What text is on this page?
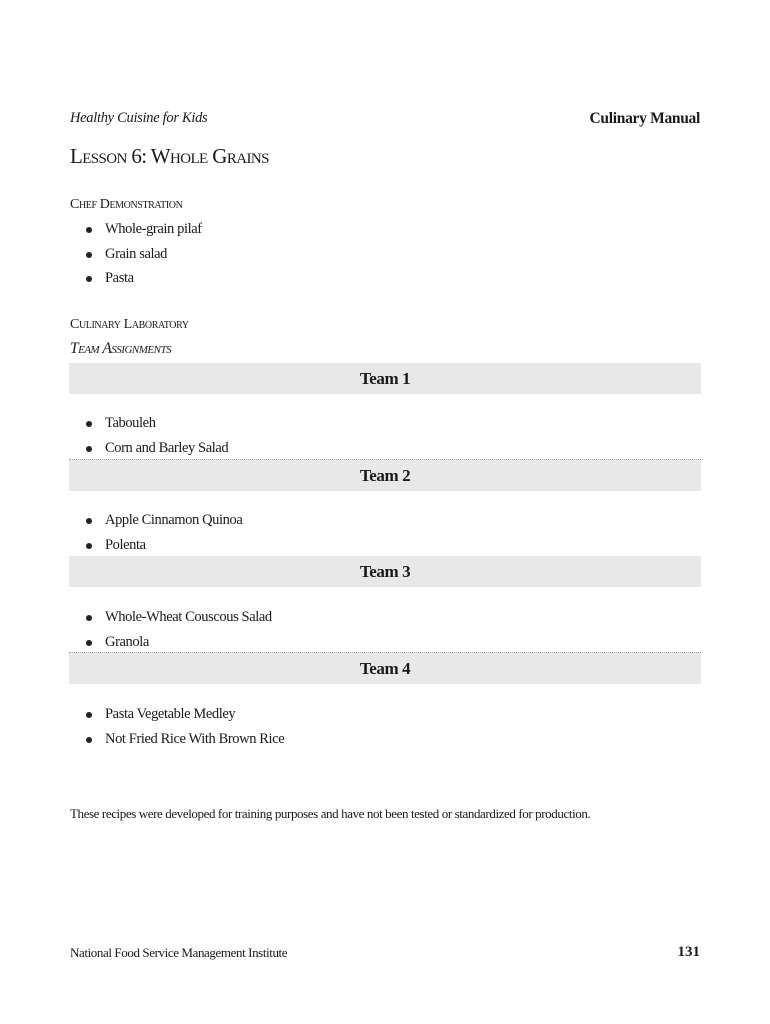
Healthy Cuisine for Kids	Culinary Manual
Lesson 6: Whole Grains
Chef Demonstration
Whole-grain pilaf
Grain salad
Pasta
Culinary Laboratory
Team Assignments
Team 1
Tabouleh
Corn and Barley Salad
Team 2
Apple Cinnamon Quinoa
Polenta
Team 3
Whole-Wheat Couscous Salad
Granola
Team 4
Pasta Vegetable Medley
Not Fried Rice With Brown Rice
These recipes were developed for training purposes and have not been tested or standardized for production.
National Food Service Management Institute	131
